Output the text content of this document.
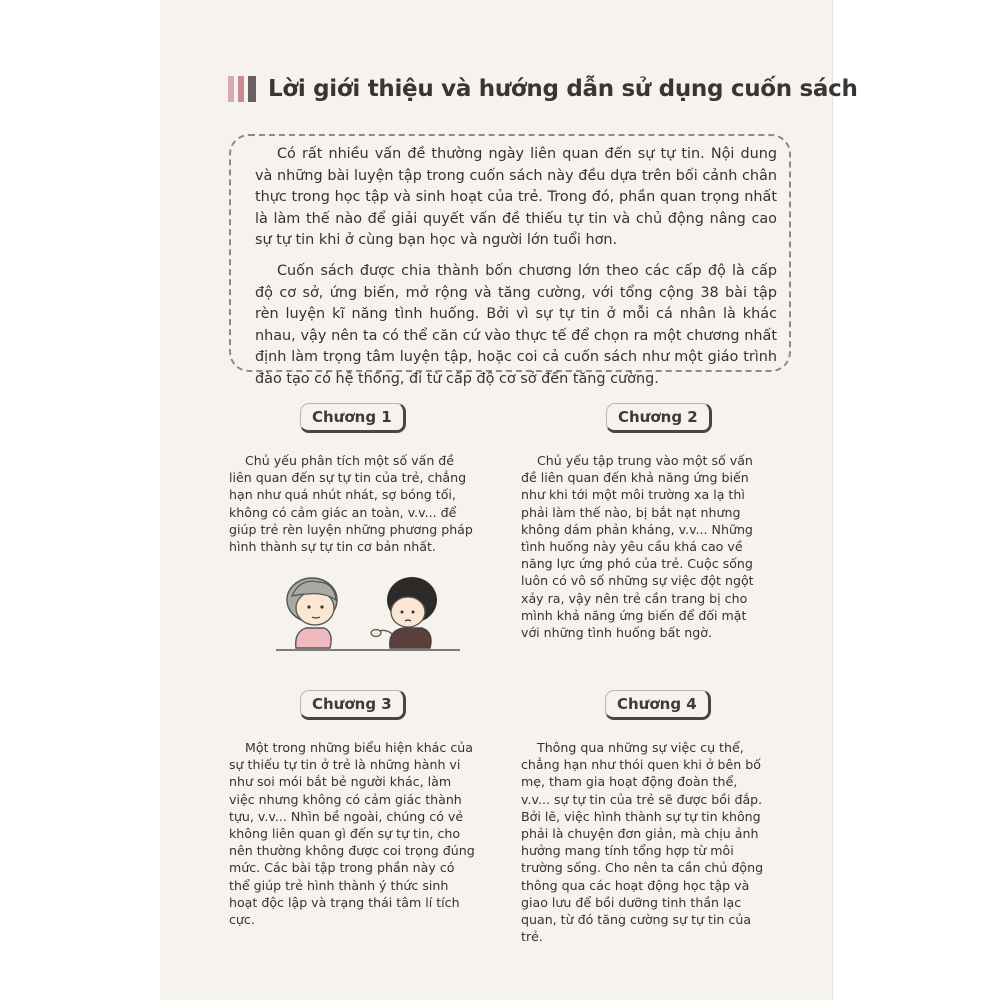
Lời giới thiệu và hướng dẫn sử dụng cuốn sách

Có rất nhiều vấn đề thường ngày liên quan đến sự tự tin. Nội dung và những bài luyện tập trong cuốn sách này đều dựa trên bối cảnh chân thực trong học tập và sinh hoạt của trẻ. Trong đó, phần quan trọng nhất là làm thế nào để giải quyết vấn đề thiếu tự tin và chủ động nâng cao sự tự tin khi ở cùng bạn học và người lớn tuổi hơn.

Cuốn sách được chia thành bốn chương lớn theo các cấp độ là cấp độ cơ sở, ứng biến, mở rộng và tăng cường, với tổng cộng 38 bài tập rèn luyện kĩ năng tình huống. Bởi vì sự tự tin ở mỗi cá nhân là khác nhau, vậy nên ta có thể căn cứ vào thực tế để chọn ra một chương nhất định làm trọng tâm luyện tập, hoặc coi cả cuốn sách như một giáo trình đào tạo có hệ thống, đi từ cấp độ cơ sở đến tăng cường.

Chương 1

Chủ yếu phân tích một số vấn đề liên quan đến sự tự tin của trẻ, chẳng hạn như quá nhút nhát, sợ bóng tối, không có cảm giác an toàn, v.v... để giúp trẻ rèn luyện những phương pháp hình thành sự tự tin cơ bản nhất.

Chương 2

Chủ yếu tập trung vào một số vấn đề liên quan đến khả năng ứng biến như khi tới một môi trường xa lạ thì phải làm thế nào, bị bắt nạt nhưng không dám phản kháng, v.v... Những tình huống này yêu cầu khá cao về năng lực ứng phó của trẻ. Cuộc sống luôn có vô số những sự việc đột ngột xảy ra, vậy nên trẻ cần trang bị cho mình khả năng ứng biến để đối mặt với những tình huống bất ngờ.

Chương 3

Một trong những biểu hiện khác của sự thiếu tự tin ở trẻ là những hành vi như soi mói bắt bẻ người khác, làm việc nhưng không có cảm giác thành tựu, v.v... Nhìn bề ngoài, chúng có vẻ không liên quan gì đến sự tự tin, cho nên thường không được coi trọng đúng mức. Các bài tập trong phần này có thể giúp trẻ hình thành ý thức sinh hoạt độc lập và trạng thái tâm lí tích cực.

Chương 4

Thông qua những sự việc cụ thể, chẳng hạn như thói quen khi ở bên bố mẹ, tham gia hoạt động đoàn thể, v.v... sự tự tin của trẻ sẽ được bồi đắp. Bởi lẽ, việc hình thành sự tự tin không phải là chuyện đơn giản, mà chịu ảnh hưởng mang tính tổng hợp từ môi trường sống. Cho nên ta cần chủ động thông qua các hoạt động học tập và giao lưu để bồi dưỡng tinh thần lạc quan, từ đó tăng cường sự tự tin của trẻ.
